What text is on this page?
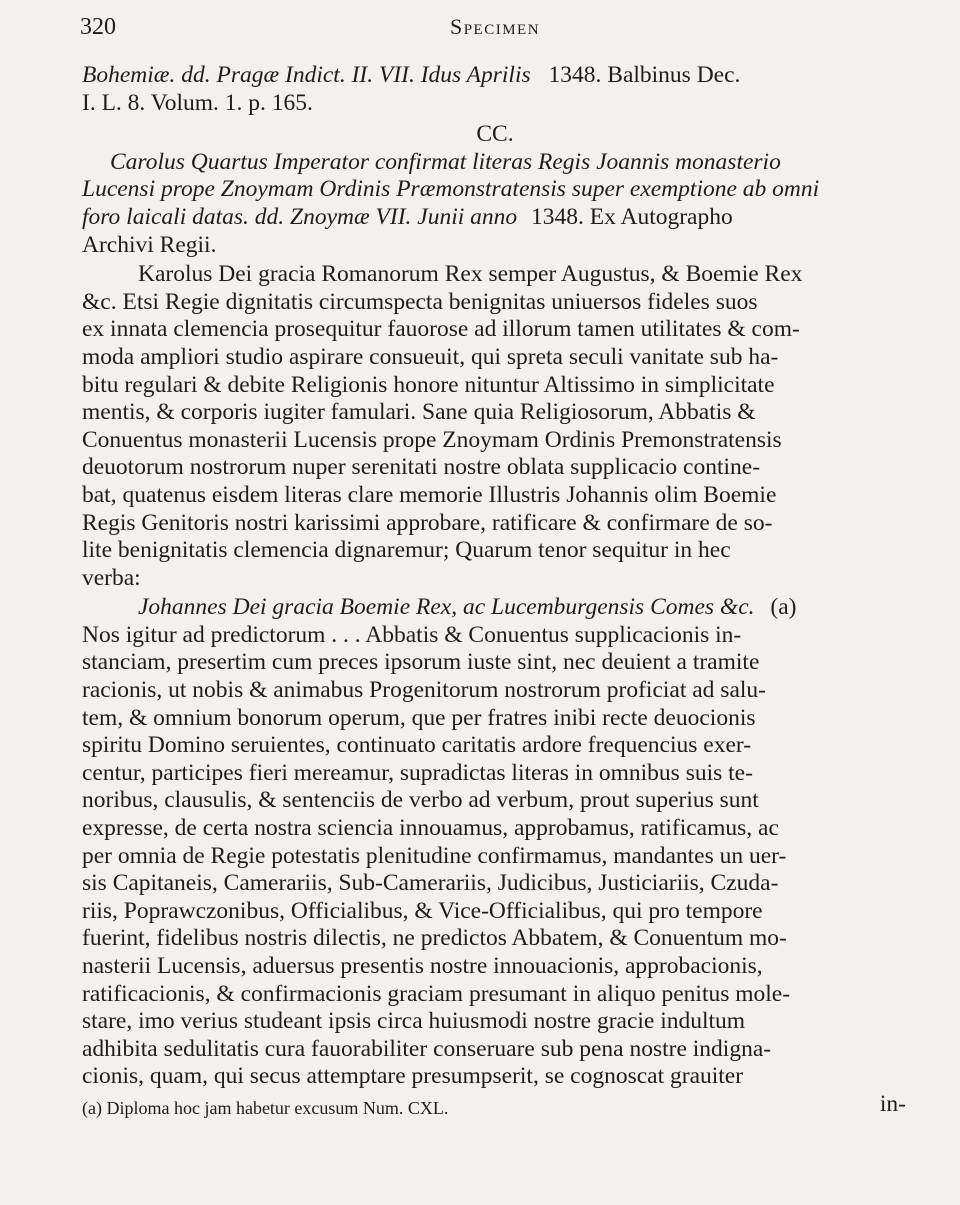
320	Specimen
Bohemiæ. dd. Pragæ Indict. II. VII. Idus Aprilis 1348. Balbinus Dec.
I. L. 8. Volum. 1. p. 165.
CC.
Carolus Quartus Imperator confirmat literas Regis Joannis monasterio
Lucensi prope Znoymam Ordinis Præmonstratensis super exemptione ab omni
foro laicali datas. dd. Znoymæ VII. Junii anno 1348. Ex Autographo
Archivi Regii.
Karolus Dei gracia Romanorum Rex semper Augustus, & Boemie Rex
&c. Etsi Regie dignitatis circumspecta benignitas uniuersos fideles suos
ex innata clemencia prosequitur fauorose ad illorum tamen utilitates & com-
moda ampliori studio aspirare consueuit, qui spreta seculi vanitate sub ha-
bitu regulari & debite Religionis honore nituntur Altissimo in simplicitate
mentis, & corporis iugiter famulari. Sane quia Religiosorum, Abbatis &
Conuentus monasterii Lucensis prope Znoymam Ordinis Premonstratensis
deuotorum nostrorum nuper serenitati nostre oblata supplicacio contine-
bat, quatenus eisdem literas clare memorie Illustris Johannis olim Boemie
Regis Genitoris nostri karissimi approbare, ratificare & confirmare de so-
lite benignitatis clemencia dignaremur; Quarum tenor sequitur in hec
verba:
Johannes Dei gracia Boemie Rex, ac Lucemburgensis Comes &c. (a)
Nos igitur ad predictorum . . . Abbatis & Conuentus supplicacionis in-
stanciam, presertim cum preces ipsorum iuste sint, nec deuient a tramite
racionis, ut nobis & animabus Progenitorum nostrorum proficiat ad salu-
tem, & omnium bonorum operum, que per fratres inibi recte deuocionis
spiritu Domino seruientes, continuato caritatis ardore frequencius exer-
centur, participes fieri mereamur, supradictas literas in omnibus suis te-
noribus, clausulis, & sentenciis de verbo ad verbum, prout superius sunt
expresse, de certa nostra sciencia innouamus, approbamus, ratificamus, ac
per omnia de Regie potestatis plenitudine confirmamus, mandantes un uer-
sis Capitaneis, Camerariis, Sub-Camerariis, Judicibus, Justiciariis, Czuda-
riis, Poprawczonibus, Officialibus, & Vice-Officialibus, qui pro tempore
fuerint, fidelibus nostris dilectis, ne predictos Abbatem, & Conuentum mo-
nasterii Lucensis, aduersus presentis nostre innouacionis, approbacionis,
ratificacionis, & confirmacionis graciam presumant in aliquo penitus mole-
stare, imo verius studeant ipsis circa huiusmodi nostre gracie indultum
adhibita sedulitatis cura fauorabiliter conseruare sub pena nostre indigna-
cionis, quam, qui secus attemptare presumpserit, se cognoscat grauiter
in-
(a) Diploma hoc jam habetur excusum Num. CXL.
